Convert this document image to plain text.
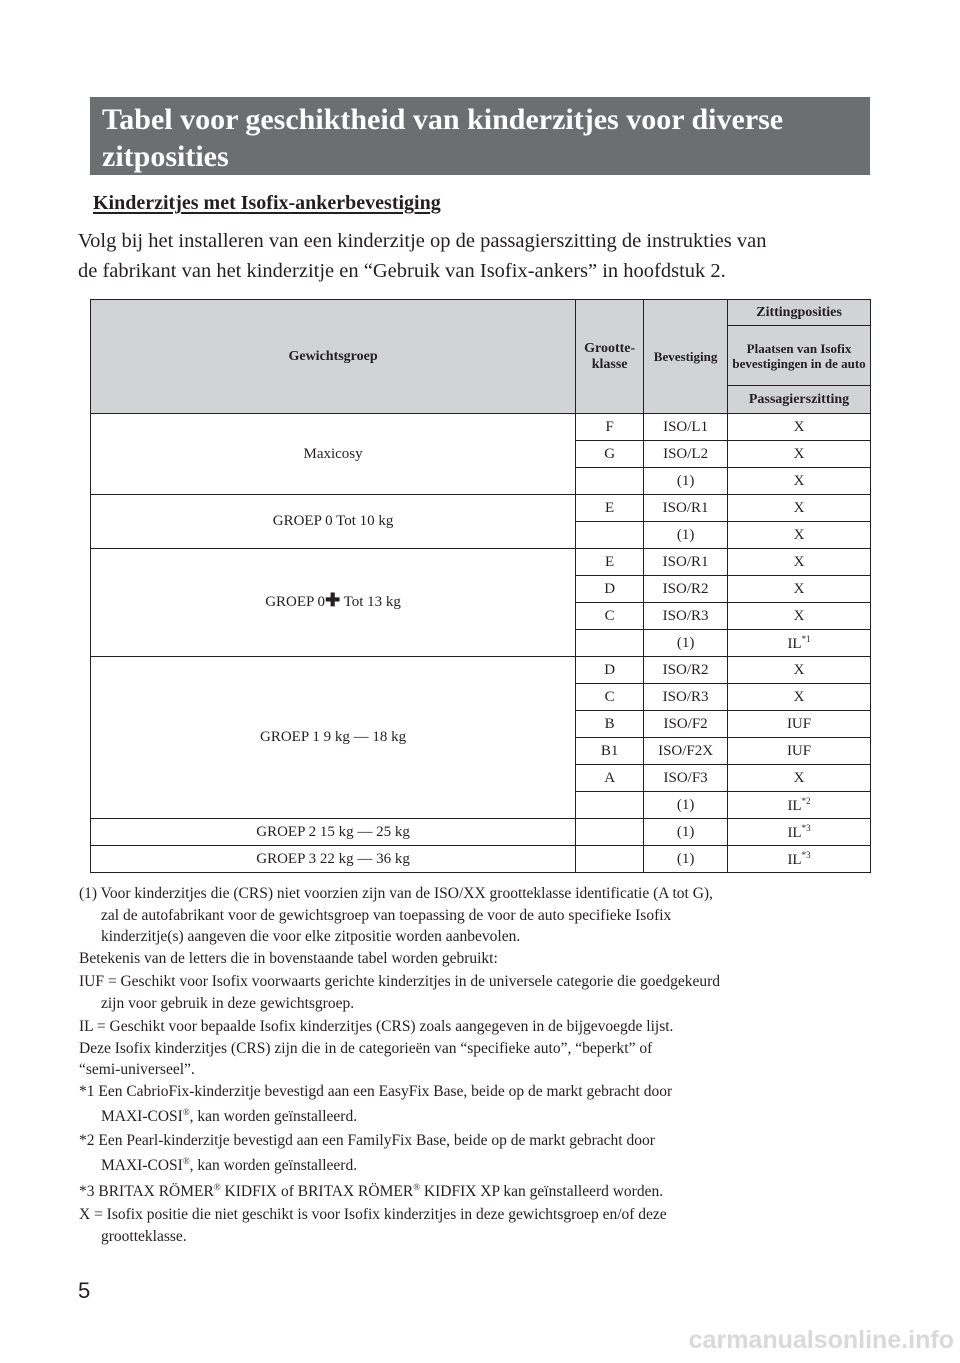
Tabel voor geschiktheid van kinderzitjes voor diverse
zitposities
Kinderzitjes met Isofix-ankerbevestiging
Volg bij het installeren van een kinderzitje op de passagierszitting de instrukties van
de fabrikant van het kinderzitje en “Gebruik van Isofix-ankers” in hoofdstuk 2.
Gewichtsgroep	Grootte-klasse	Bevestiging	Zittingposities
			Plaatsen van Isofix bevestigingen in de auto
			Passagierszitting
Maxicosy	F	ISO/L1	X
	G	ISO/L2	X
		(1)	X
GROEP 0 Tot 10 kg	E	ISO/R1	X
		(1)	X
GROEP 0✚ Tot 13 kg	E	ISO/R1	X
	D	ISO/R2	X
	C	ISO/R3	X
		(1)	IL$^{*1}$
GROEP 1 9 kg — 18 kg	D	ISO/R2	X
	C	ISO/R3	X
	B	ISO/F2	IUF
	B1	ISO/F2X	IUF
	A	ISO/F3	X
		(1)	IL$^{*2}$
GROEP 2 15 kg — 25 kg		(1)	IL$^{*3}$
GROEP 3 22 kg — 36 kg		(1)	IL$^{*3}$

(1) Voor kinderzitjes die (CRS) niet voorzien zijn van de ISO/XX grootteklasse identificatie (A tot G),
zal de autofabrikant voor de gewichtsgroep van toepassing de voor de auto specifieke Isofix
kinderzitje(s) aangeven die voor elke zitpositie worden aanbevolen.

Betekenis van de letters die in bovenstaande tabel worden gebruikt:

IUF = Geschikt voor Isofix voorwaarts gerichte kinderzitjes in de universele categorie die goedgekeurd
zijn voor gebruik in deze gewichtsgroep.

IL = Geschikt voor bepaalde Isofix kinderzitjes (CRS) zoals aangegeven in de bijgevoegde lijst.
Deze Isofix kinderzitjes (CRS) zijn die in de categorieën van “specifieke auto”, “beperkt” of
“semi-universeel”.

*1 Een CabrioFix-kinderzitje bevestigd aan een EasyFix Base, beide op de markt gebracht door
MAXI-COSI®, kan worden geïnstalleerd.

*2 Een Pearl-kinderzitje bevestigd aan een FamilyFix Base, beide op de markt gebracht door
MAXI-COSI®, kan worden geïnstalleerd.

*3 BRITAX RÖMER® KIDFIX of BRITAX RÖMER® KIDFIX XP kan geïnstalleerd worden.

X = Isofix positie die niet geschikt is voor Isofix kinderzitjes in deze gewichtsgroep en/of deze
grootteklasse.

5
carmanualsonline.info
